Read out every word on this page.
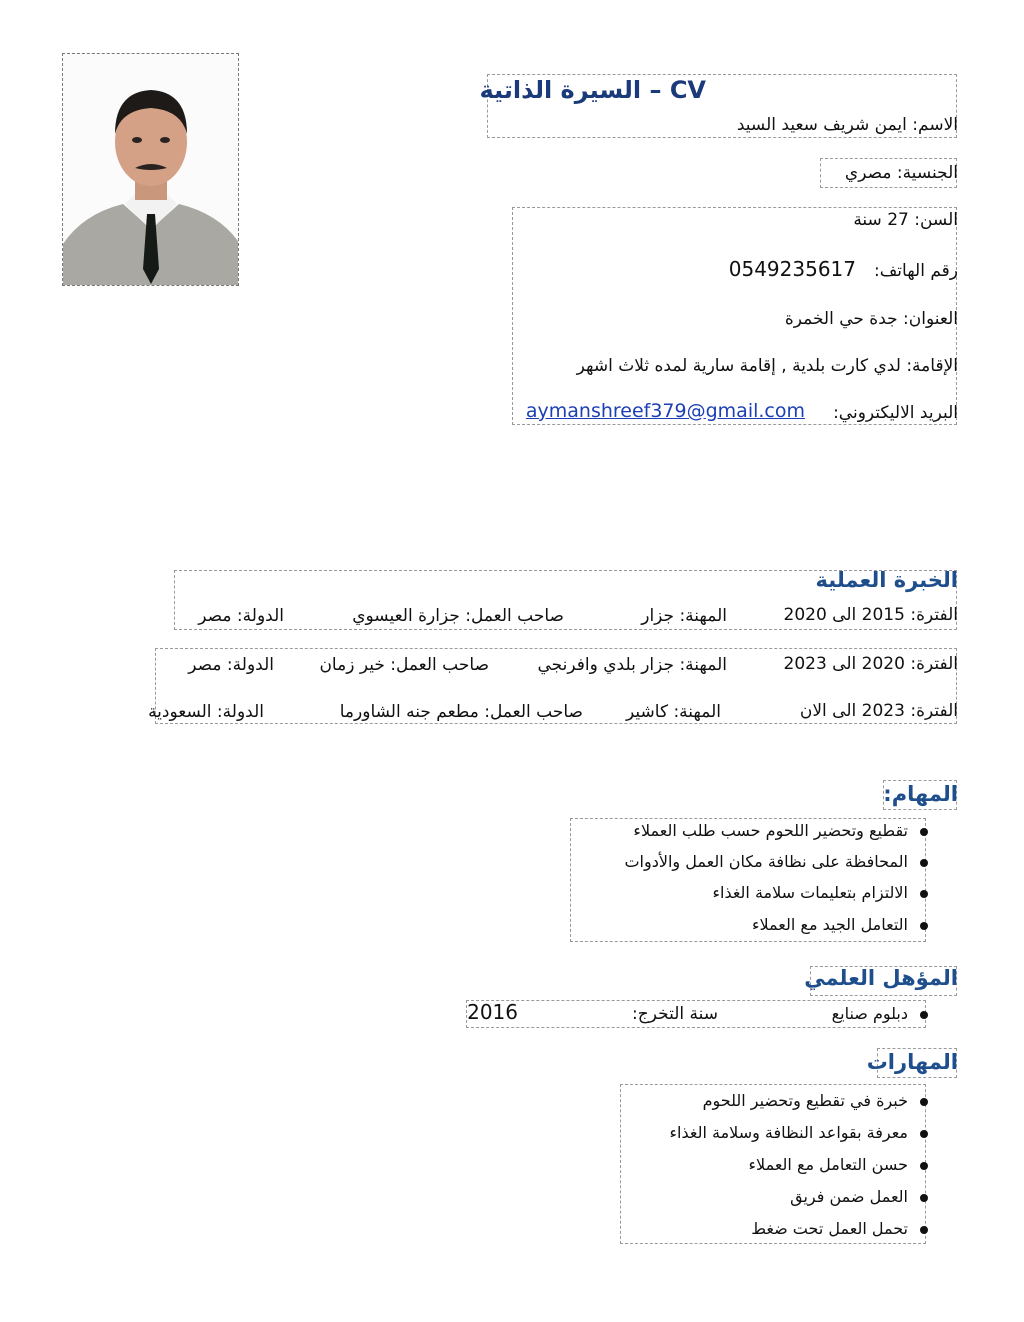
CV – السيرة الذاتية
الاسم: ايمن شريف سعيد السيد
الجنسية: مصري
السن: 27 سنة
رقم الهاتف:
0549235617
العنوان: جدة حي الخمرة
الإقامة: لدي كارت بلدية , إقامة سارية لمده ثلاث اشهر
البريد الاليكتروني:
aymanshreef379@gmail.com
الخبرة العملية
الفترة: 2015 الى 2020
المهنة: جزار
صاحب العمل: جزارة العيسوي
الدولة: مصر
الفترة: 2020 الى 2023
المهنة: جزار بلدي وافرنجي
صاحب العمل: خير زمان
الدولة: مصر
الفترة: 2023 الى الان
المهنة: كاشير
صاحب العمل: مطعم جنه الشاورما
الدولة: السعودية
المهام:
تقطيع وتحضير اللحوم حسب طلب العملاء
المحافظة على نظافة مكان العمل والأدوات
الالتزام بتعليمات سلامة الغذاء
التعامل الجيد مع العملاء
المؤهل العلمي
دبلوم صنايع
سنة التخرج:
2016
المهارات
خبرة في تقطيع وتحضير اللحوم
معرفة بقواعد النظافة وسلامة الغذاء
حسن التعامل مع العملاء
العمل ضمن فريق
تحمل العمل تحت ضغط
